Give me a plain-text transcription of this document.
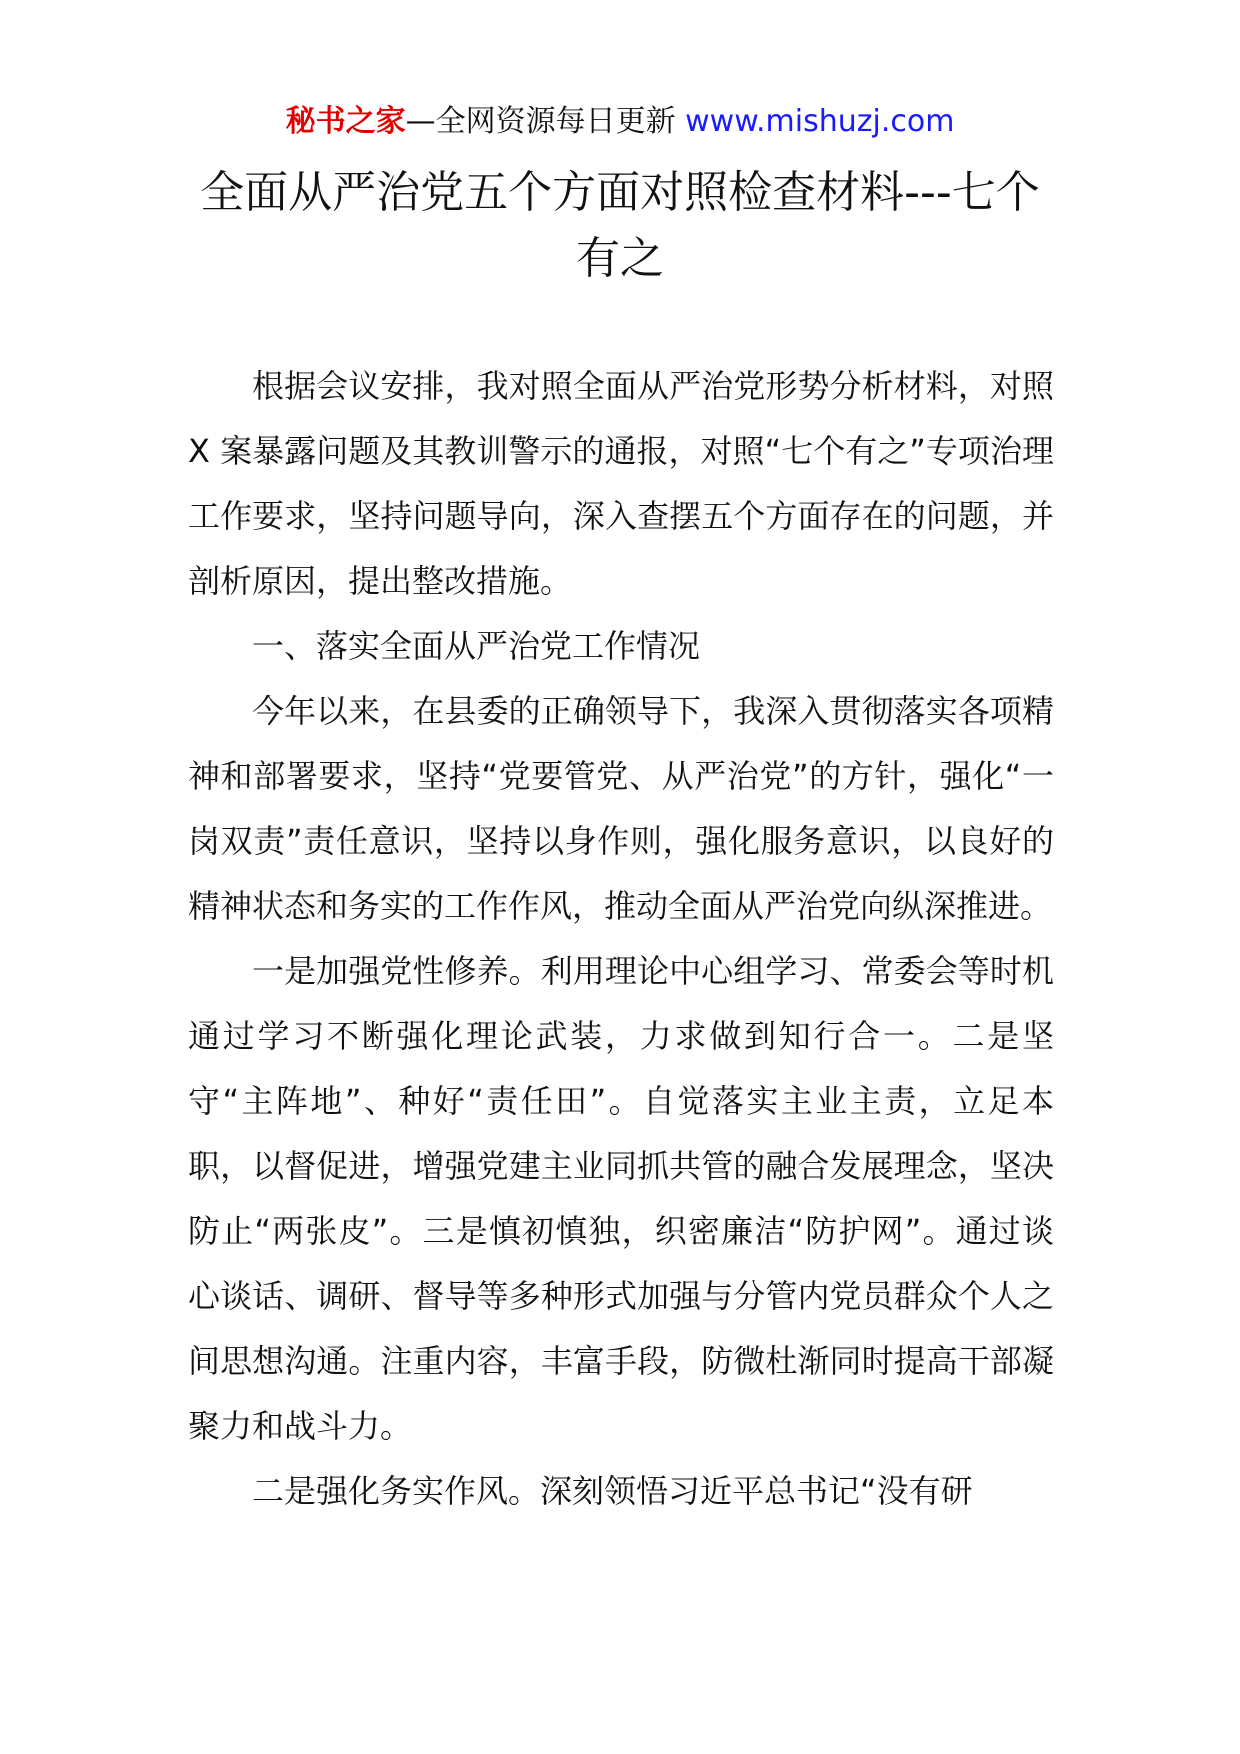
秘书之家—全网资源每日更新 www.mishuzj.com
全面从严治党五个方面对照检查材料---七个有之

根据会议安排，我对照全面从严治党形势分析材料，对照 X 案暴露问题及其教训警示的通报，对照“七个有之”专项治理工作要求，坚持问题导向，深入查摆五个方面存在的问题，并剖析原因，提出整改措施。

一、落实全面从严治党工作情况

今年以来，在县委的正确领导下，我深入贯彻落实各项精神和部署要求，坚持“党要管党、从严治党”的方针，强化“一岗双责”责任意识，坚持以身作则，强化服务意识，以良好的精神状态和务实的工作作风，推动全面从严治党向纵深推进。

一是加强党性修养。利用理论中心组学习、常委会等时机通过学习不断强化理论武装，力求做到知行合一。二是坚守“主阵地”、种好“责任田”。自觉落实主业主责，立足本职，以督促进，增强党建主业同抓共管的融合发展理念，坚决防止“两张皮”。三是慎初慎独，织密廉洁“防护网”。通过谈心谈话、调研、督导等多种形式加强与分管内党员群众个人之间思想沟通。注重内容，丰富手段，防微杜渐同时提高干部凝聚力和战斗力。

二是强化务实作风。深刻领悟习近平总书记“没有研
